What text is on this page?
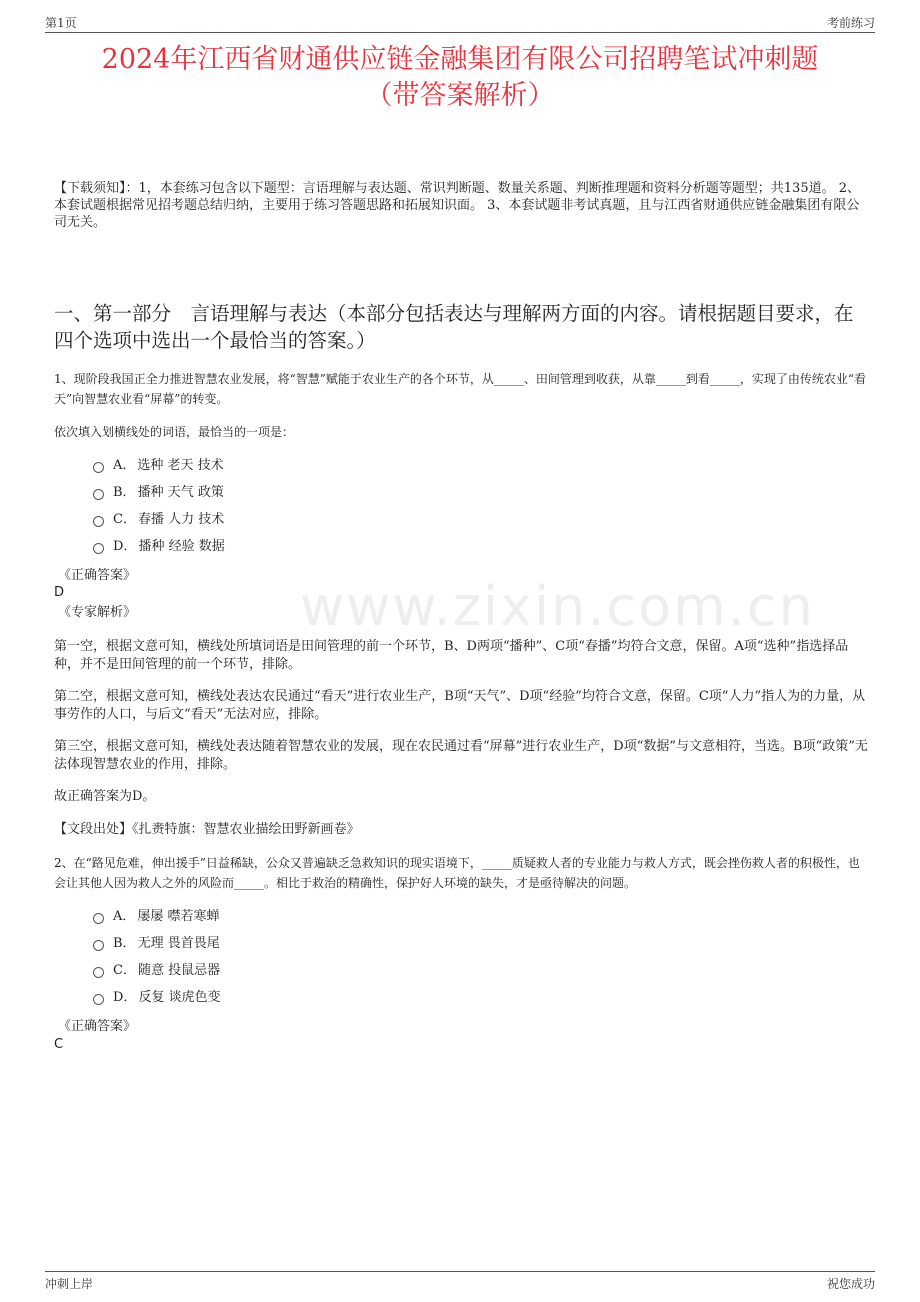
第1页	考前练习
2024年江西省财通供应链金融集团有限公司招聘笔试冲刺题
（带答案解析）
【下载须知】：1，本套练习包含以下题型：言语理解与表达题、常识判断题、数量关系题、判断推理题和资料分析题等题型；共135道。 2、本套试题根据常见招考题总结归纳，主要用于练习答题思路和拓展知识面。 3、本套试题非考试真题，且与江西省财通供应链金融集团有限公司无关。
一、第一部分　言语理解与表达（本部分包括表达与理解两方面的内容。请根据题目要求，在四个选项中选出一个最恰当的答案。）
www.zixin.com.cn
1、现阶段我国正全力推进智慧农业发展，将“智慧”赋能于农业生产的各个环节，从_____、田间管理到收获，从靠_____到看_____，实现了由传统农业“看天”向智慧农业看“屏幕”的转变。
依次填入划横线处的词语，最恰当的一项是：
A． 选种 老天 技术
B． 播种 天气 政策
C． 春播 人力 技术
D． 播种 经验 数据
《正确答案》
D
《专家解析》
第一空，根据文意可知，横线处所填词语是田间管理的前一个环节，B、D两项“播种”、C项“春播”均符合文意，保留。A项“选种”指选择品种，并不是田间管理的前一个环节，排除。
第二空，根据文意可知，横线处表达农民通过“看天”进行农业生产，B项“天气”、D项“经验”均符合文意，保留。C项“人力”指人为的力量，从事劳作的人口，与后文“看天”无法对应，排除。
第三空，根据文意可知，横线处表达随着智慧农业的发展，现在农民通过看“屏幕”进行农业生产，D项“数据”与文意相符，当选。B项“政策”无法体现智慧农业的作用，排除。
故正确答案为D。
【文段出处】《扎赉特旗：智慧农业描绘田野新画卷》
2、在“路见危难，伸出援手”日益稀缺，公众又普遍缺乏急救知识的现实语境下，_____质疑救人者的专业能力与救人方式，既会挫伤救人者的积极性，也会让其他人因为救人之外的风险而_____。相比于救治的精确性，保护好人环境的缺失，才是亟待解决的问题。
A． 屡屡 噤若寒蝉
B． 无理 畏首畏尾
C． 随意 投鼠忌器
D． 反复 谈虎色变
《正确答案》
C
冲刺上岸	祝您成功
